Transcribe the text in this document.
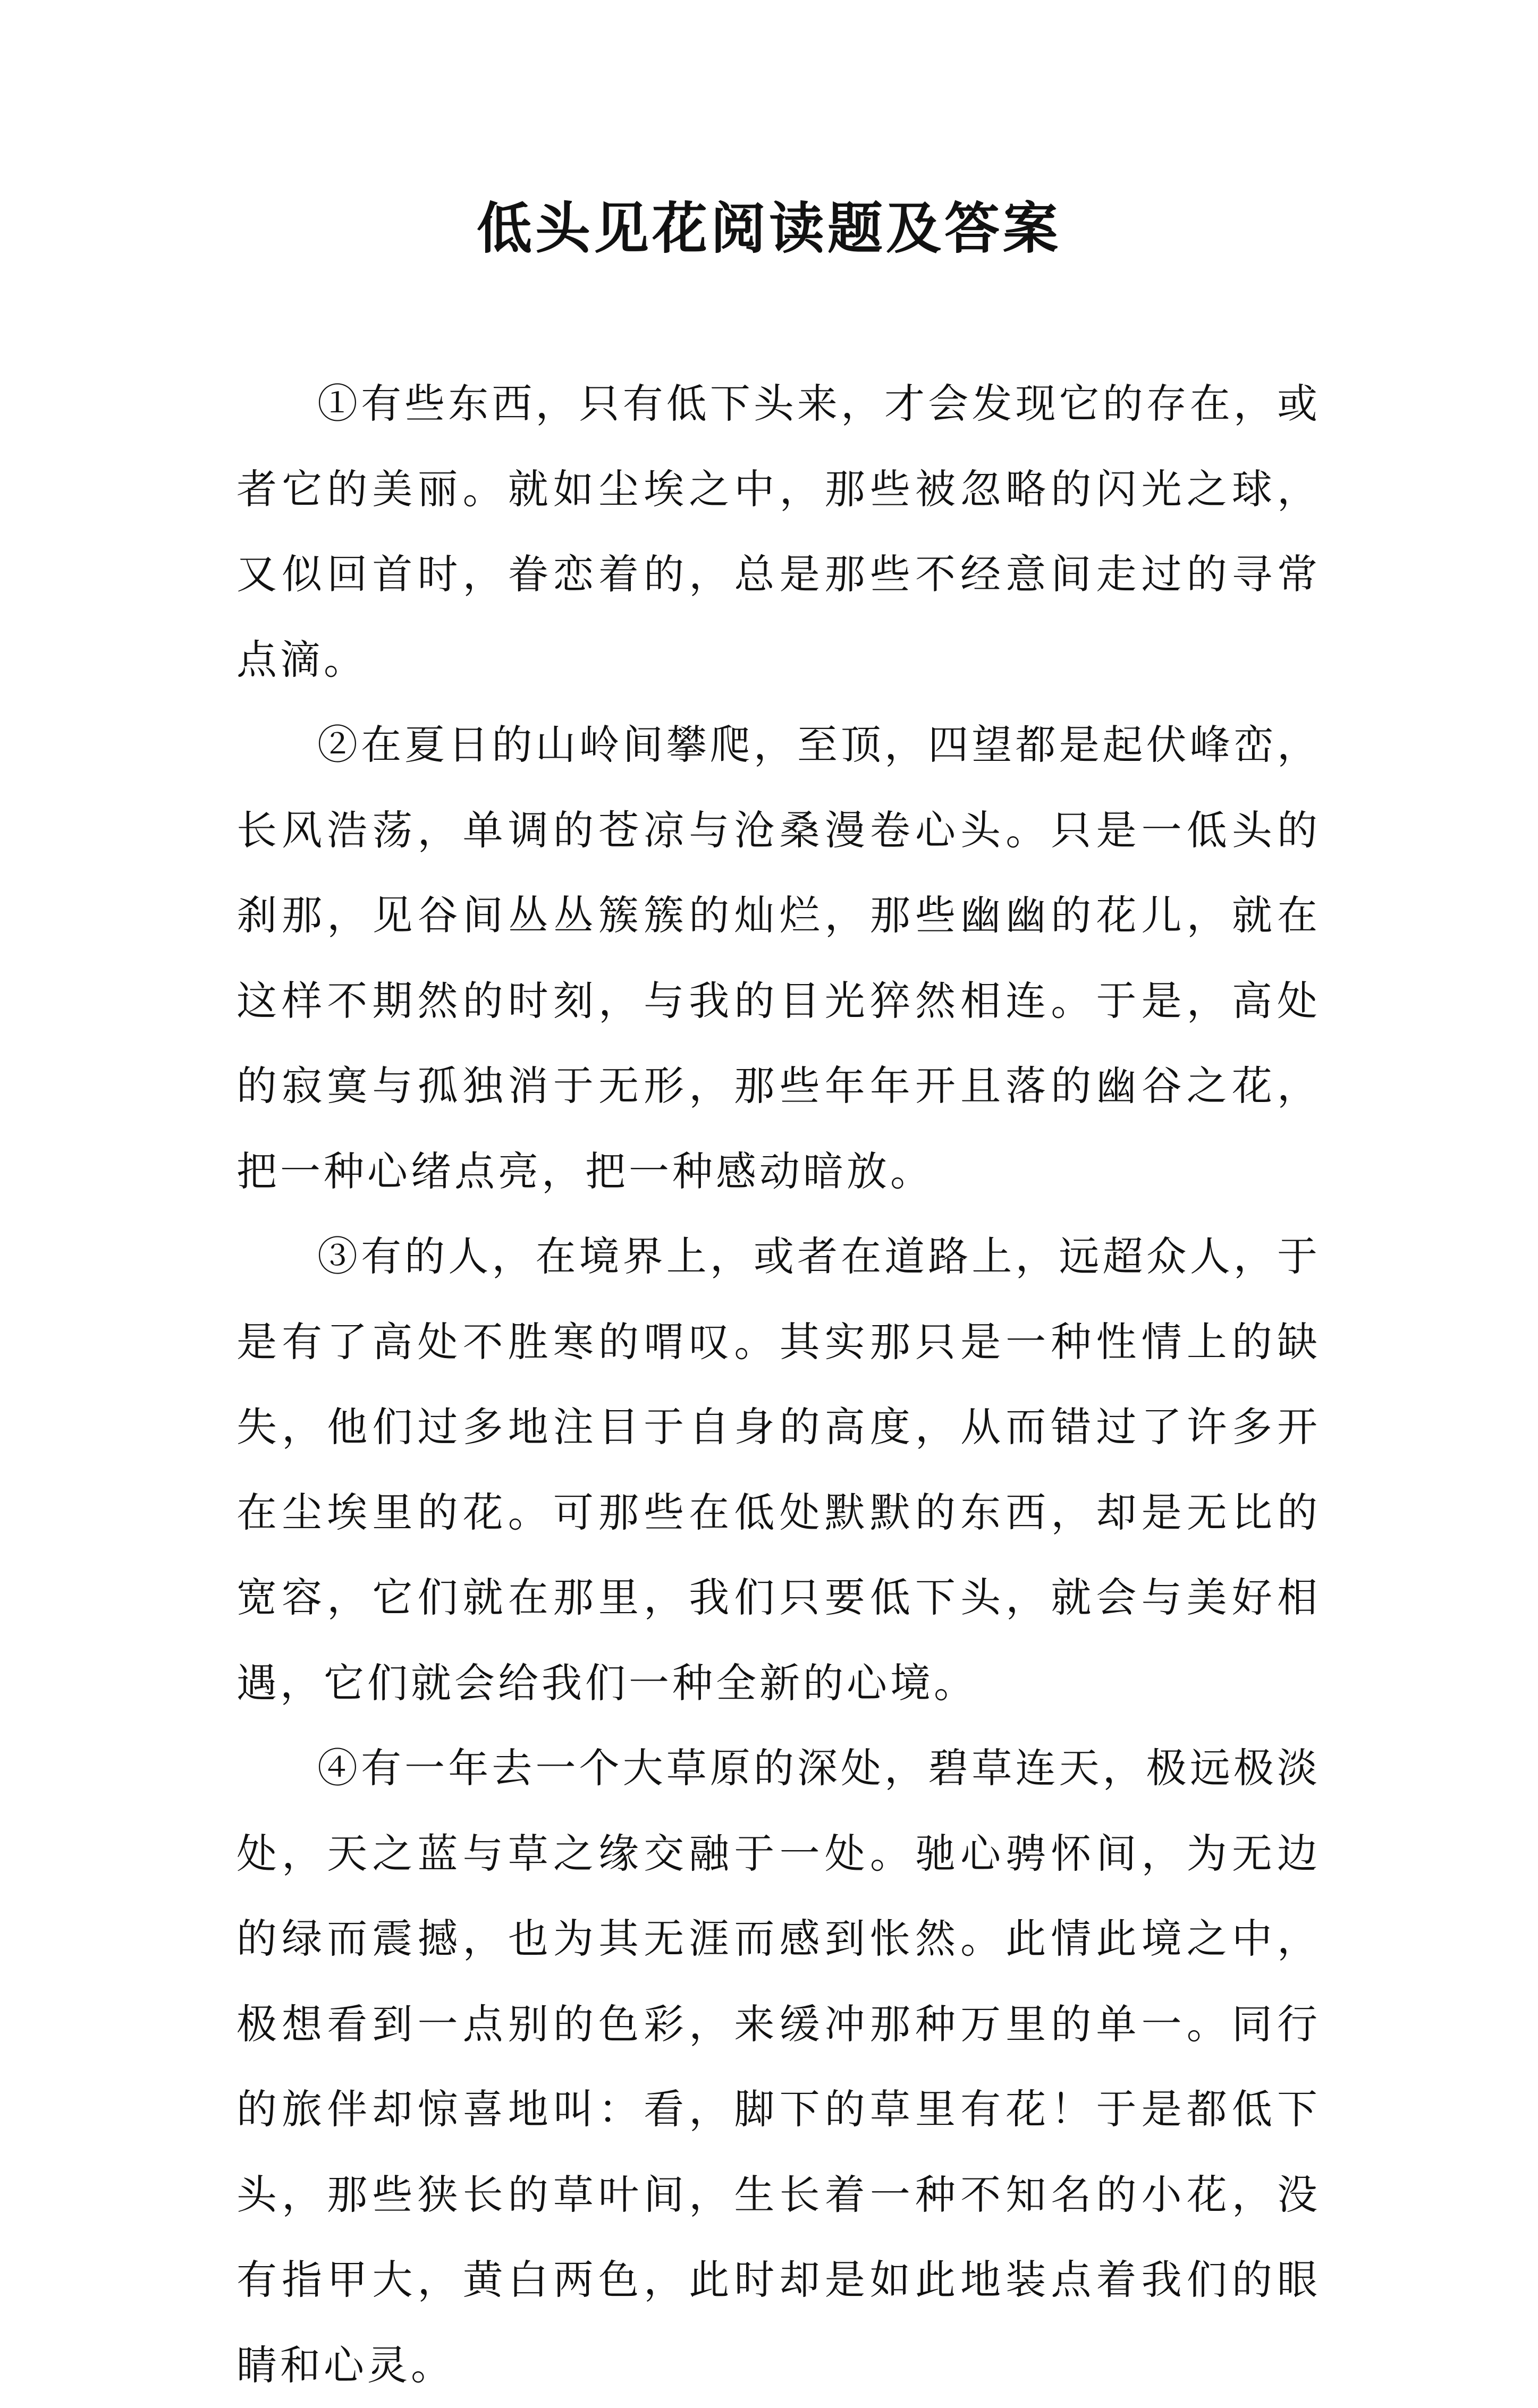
低头见花阅读题及答案

①有些东西，只有低下头来，才会发现它的存在，或者它的美丽。就如尘埃之中，那些被忽略的闪光之球，又似回首时，眷恋着的，总是那些不经意间走过的寻常点滴。

②在夏日的山岭间攀爬，至顶，四望都是起伏峰峦，长风浩荡，单调的苍凉与沧桑漫卷心头。只是一低头的刹那，见谷间丛丛簇簇的灿烂，那些幽幽的花儿，就在这样不期然的时刻，与我的目光猝然相连。于是，高处的寂寞与孤独消于无形，那些年年开且落的幽谷之花，把一种心绪点亮，把一种感动暗放。

③有的人，在境界上，或者在道路上，远超众人，于是有了高处不胜寒的喟叹。其实那只是一种性情上的缺失，他们过多地注目于自身的高度，从而错过了许多开在尘埃里的花。可那些在低处默默的东西，却是无比的宽容，它们就在那里，我们只要低下头，就会与美好相遇，它们就会给我们一种全新的心境。

④有一年去一个大草原的深处，碧草连天，极远极淡处，天之蓝与草之缘交融于一处。驰心骋怀间，为无边的绿而震撼，也为其无涯而感到怅然。此情此境之中，极想看到一点别的色彩，来缓冲那种万里的单一。同行的旅伴却惊喜地叫：看，脚下的草里有花！于是都低下头，那些狭长的草叶间，生长着一种不知名的小花，没有指甲大，黄白两色，此时却是如此地装点着我们的眼睛和心灵。
